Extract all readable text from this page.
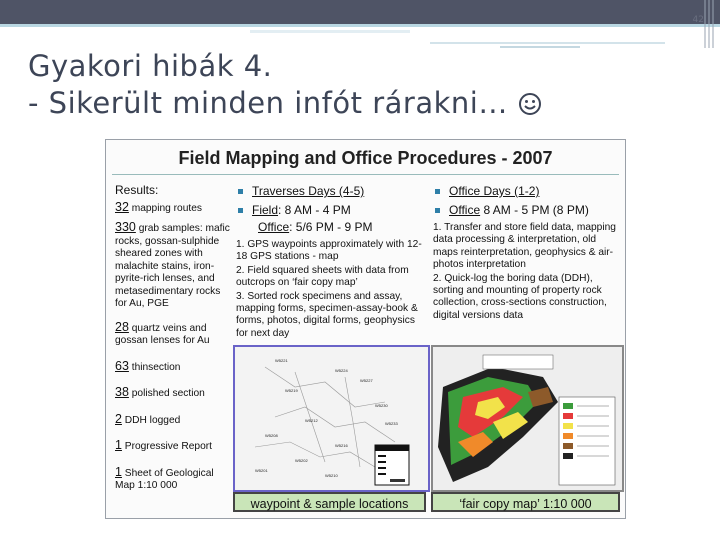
42
Gyakori hibák 4.
- Sikerült minden infót rárakni…
Field Mapping and Office Procedures - 2007
Results:
32 mapping routes
330 grab samples: mafic rocks, gossan-sulphide sheared zones with malachite stains, iron-pyrite-rich lenses, and metasedimentary rocks for Au, PGE
28 quartz veins and gossan lenses for Au
63 thinsection
38 polished section
2 DDH logged
1 Progressive Report
1 Sheet of Geological Map 1:10 000
Traverses Days (4-5)
Field: 8 AM - 4 PM
Office: 5/6 PM - 9 PM
1. GPS waypoints approximately with 12-18 GPS stations - map
2. Field squared sheets with data from outcrops on ‘fair copy map’
3. Sorted rock specimens and assay, mapping forms, specimen-assay-book & forms, photos, digital forms, geophysics for next day
Office Days (1-2)
Office 8 AM - 5 PM (8 PM)
1. Transfer and store field data, mapping data processing & interpretation, old maps reinterpretation, geophysics & air-photos interpretation
2. Quick-log the boring data (DDH), sorting and mounting of property rock collection, cross-sections construction, digital versions data
W5221
W5224
W5227
W5219
W5230
W5212
W5233
W5208
W5216
W5202
W5201
W5210
waypoint & sample locations	‘fair copy map’ 1:10 000
